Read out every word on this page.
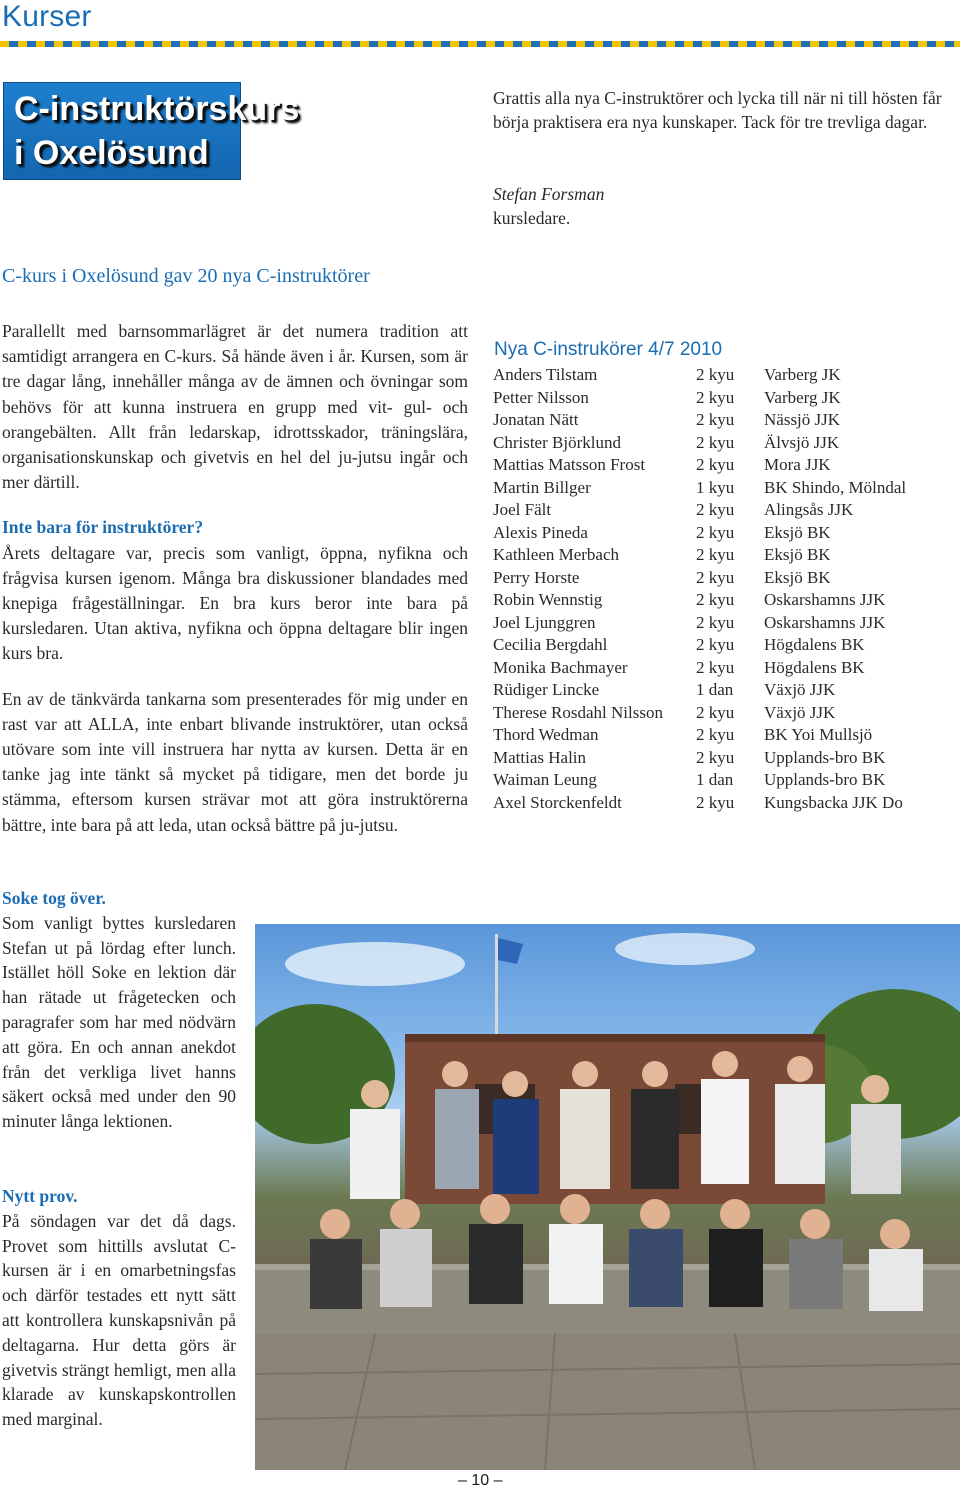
Kurser
C-instruktörskurs
i Oxelösund
Grattis alla nya C-instruktörer och lycka till när ni till hösten får börja praktisera era nya kunskaper. Tack för tre trevliga dagar.
Stefan Forsman
kursledare.
C-kurs i Oxelösund gav 20 nya C-instruktörer

Parallellt med barnsommarlägret är det numera tradition att samtidigt arrangera en C-kurs. Så hände även i år. Kursen, som är tre dagar lång, innehåller många av de ämnen och övningar som behövs för att kunna instruera en grupp med vit- gul- och orangebälten. Allt från ledarskap, idrottsskador, träningslära, organisationskunskap och givetvis en hel del ju-jutsu ingår och mer därtill.

Inte bara för instruktörer?

Årets deltagare var, precis som vanligt, öppna, nyfikna och frågvisa kursen igenom. Många bra diskussioner blandades med knepiga frågeställningar. En bra kurs beror inte bara på kursledaren. Utan aktiva, nyfikna och öppna deltagare blir ingen kurs bra.

En av de tänkvärda tankarna som presenterades för mig under en rast var att ALLA, inte enbart blivande instruktörer, utan också utövare som inte vill instruera har nytta av kursen. Detta är en tanke jag inte tänkt så mycket på tidigare, men det borde ju stämma, eftersom kursen strävar mot att göra instruktörerna bättre, inte bara på att leda, utan också bättre på ju-jutsu.

Nya C-instrukörer 4/7 2010
Anders Tilstam	2 kyu Varberg JK
Petter Nilsson	2 kyu Varberg JK
Jonatan Nätt	2 kyu Nässjö JJK
Christer Björklund	2 kyu Älvsjö JJK
Mattias Matsson Frost	2 kyu Mora JJK
Martin Billger	1 kyu BK Shindo, Mölndal
Joel Fält	2 kyu Alingsås JJK
Alexis Pineda	2 kyu Eksjö BK
Kathleen Merbach	2 kyu Eksjö BK
Perry Horste	2 kyu Eksjö BK
Robin Wennstig	2 kyu Oskarshamns JJK
Joel Ljunggren	2 kyu Oskarshamns JJK
Cecilia Bergdahl	2 kyu Högdalens BK
Monika Bachmayer	2 kyu Högdalens BK
Rüdiger Lincke	1 dan Växjö JJK
Therese Rosdahl Nilsson 2 kyu Växjö JJK
Thord Wedman	2 kyu BK Yoi Mullsjö
Mattias Halin	2 kyu Upplands-bro BK
Waiman Leung	1 dan Upplands-bro BK
Axel Storckenfeldt	2 kyu Kungsbacka JJK Do
Soke tog över.
Som vanligt byttes kursledaren Stefan ut på lördag efter lunch. Istället höll Soke en lektion där han rätade ut frågetecken och paragrafer som har med nödvärn att göra. En och annan anekdot från det verkliga livet hanns säkert också med under den 90 minuter långa lektionen.
Nytt prov.
På söndagen var det då dags. Provet som hittills avslutat C-kursen är i en omarbetningsfas och därför testades ett nytt sätt att kontrollera kunskapsnivån på deltagarna. Hur detta görs är givetvis strängt hemligt, men alla klarade av kunskapskontrollen med marginal.
– 10 –
